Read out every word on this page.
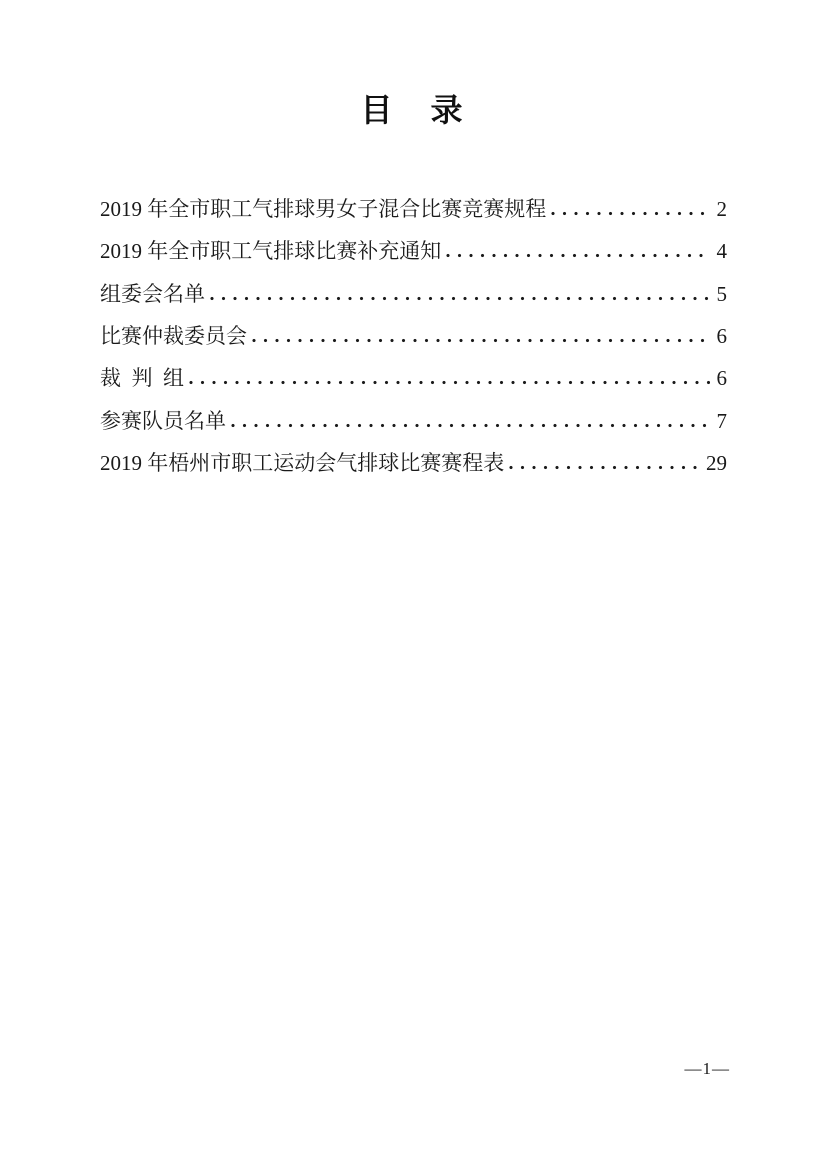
目　录
2019 年全市职工气排球男女子混合比赛竞赛规程	2
2019 年全市职工气排球比赛补充通知	4
组委会名单	5
比赛仲裁委员会	6
裁  判  组	6
参赛队员名单	7
2019 年梧州市职工运动会气排球比赛赛程表	29
—1—
